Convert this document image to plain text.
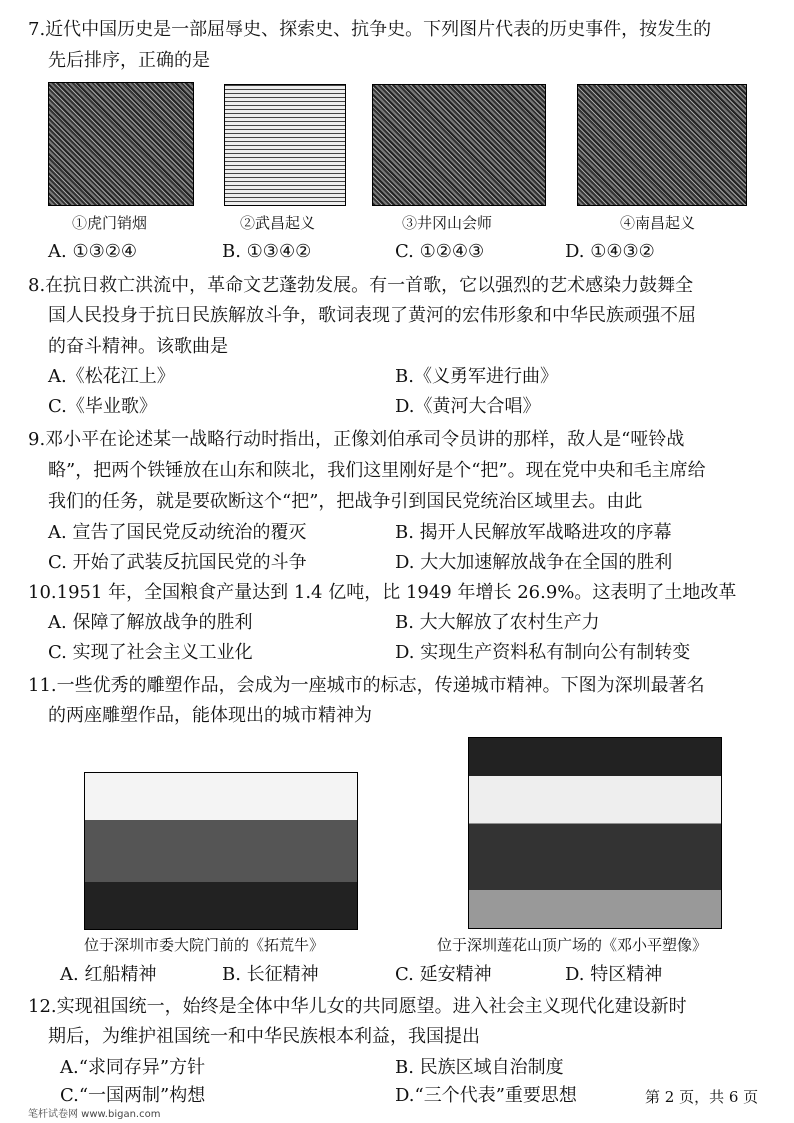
7.近代中国历史是一部屈辱史、探索史、抗争史。下列图片代表的历史事件，按发生的
先后排序，正确的是
①虎门销烟	②武昌起义	③井冈山会师	④南昌起义
A. ①③②④	B. ①③④②	C. ①②④③	D. ①④③②
8.在抗日救亡洪流中，革命文艺蓬勃发展。有一首歌，它以强烈的艺术感染力鼓舞全
国人民投身于抗日民族解放斗争，歌词表现了黄河的宏伟形象和中华民族顽强不屈
的奋斗精神。该歌曲是
A.《松花江上》	B.《义勇军进行曲》
C.《毕业歌》	D.《黄河大合唱》
9.邓小平在论述某一战略行动时指出，正像刘伯承司令员讲的那样，敌人是“哑铃战
略”，把两个铁锤放在山东和陕北，我们这里刚好是个“把”。现在党中央和毛主席给
我们的任务，就是要砍断这个“把”，把战争引到国民党统治区域里去。由此
A. 宣告了国民党反动统治的覆灭	B. 揭开人民解放军战略进攻的序幕
C. 开始了武装反抗国民党的斗争	D. 大大加速解放战争在全国的胜利
10.1951 年，全国粮食产量达到 1.4 亿吨，比 1949 年增长 26.9%。这表明了土地改革
A. 保障了解放战争的胜利	B. 大大解放了农村生产力
C. 实现了社会主义工业化	D. 实现生产资料私有制向公有制转变
11.一些优秀的雕塑作品，会成为一座城市的标志，传递城市精神。下图为深圳最著名
的两座雕塑作品，能体现出的城市精神为
位于深圳市委大院门前的《拓荒牛》	位于深圳莲花山顶广场的《邓小平塑像》
A. 红船精神	B. 长征精神	C. 延安精神	D. 特区精神
12.实现祖国统一，始终是全体中华儿女的共同愿望。进入社会主义现代化建设新时
期后，为维护祖国统一和中华民族根本利益，我国提出
A.“求同存异”方针	B. 民族区域自治制度
C.“一国两制”构想	D.“三个代表”重要思想
笔杆试卷网 www.bigan.com
第 2 页，共 6 页
